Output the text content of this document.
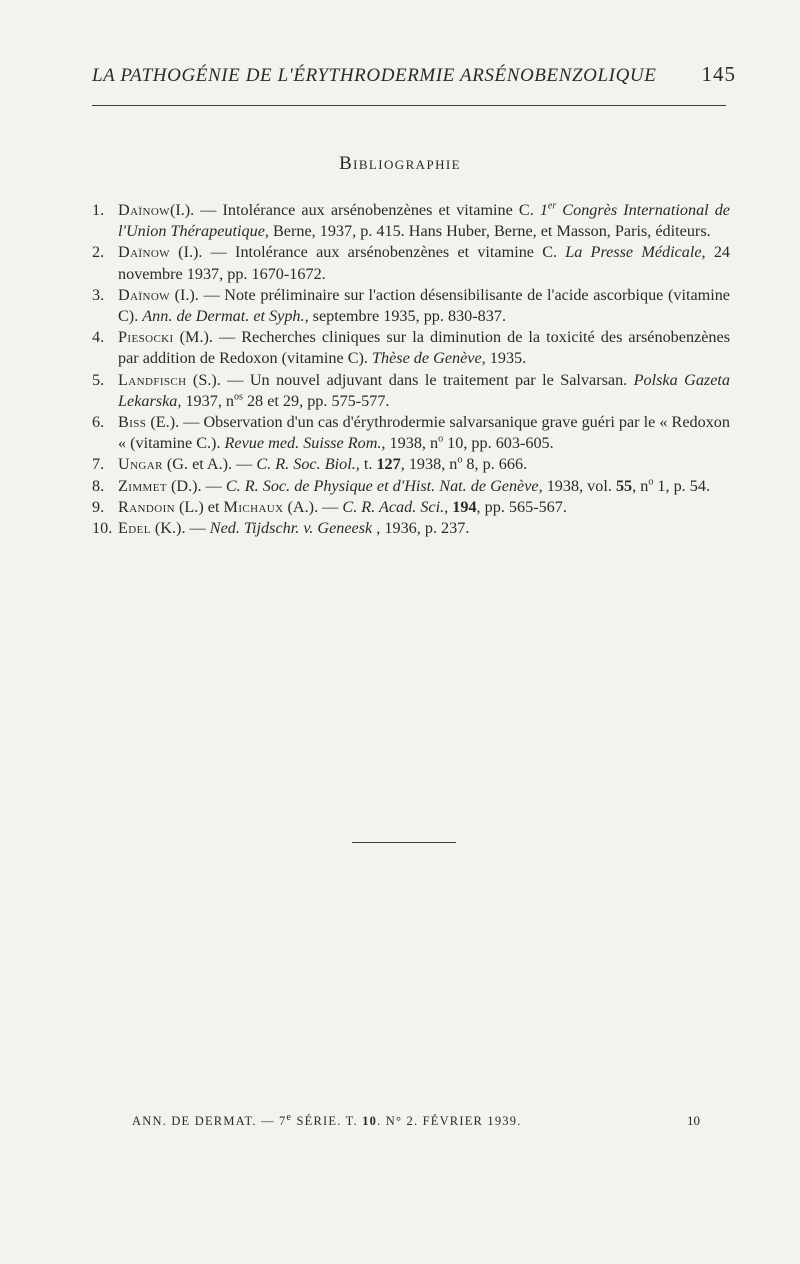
LA PATHOGÉNIE DE L'ÉRYTHRODERMIE ARSÉNOBENZOLIQUE 145
Bibliographie

1. Daïnow(I.). — Intolérance aux arsénobenzènes et vitamine C. 1er Congrès International de l'Union Thérapeutique, Berne, 1937, p. 415. Hans Huber, Berne, et Masson, Paris, éditeurs.

2. Daïnow (I.). — Intolérance aux arsénobenzènes et vitamine C. La Presse Médicale, 24 novembre 1937, pp. 1670-1672.

3. Daïnow (I.). — Note préliminaire sur l'action désensibilisante de l'acide ascorbique (vitamine C). Ann. de Dermat. et Syph., septembre 1935, pp. 830-837.

4. Piesocki (M.). — Recherches cliniques sur la diminution de la toxicité des arsénobenzènes par addition de Redoxon (vitamine C). Thèse de Genève, 1935.

5. Landfisch (S.). — Un nouvel adjuvant dans le traitement par le Salvarsan. Polska Gazeta Lekarska, 1937, $n^{os}$ 28 et 29, pp. 575-577.

6. Biss (E.). — Observation d'un cas d'érythrodermie salvarsanique grave guéri par le « Redoxon « (vitamine C.). Revue med. Suisse Rom., 1938, $n^o$ 10, pp. 603-605.

7. Ungar (G. et A.). — C. R. Soc. Biol., t. 127, 1938, $n^o$ 8, p. 666.

8. Zimmet (D.). — C. R. Soc. de Physique et d'Hist. Nat. de Genève, 1938, vol. 55, $n^o$ 1, p. 54.

9. Randoin (L.) et Michaux (A.). — C. R. Acad. Sci., 194, pp. 565-567.

10. Edel (K.). — Ned. Tijdschr. v. Geneesk , 1936, p. 237.

ANN. DE DERMAT. — 7e SÉRIE. T. 10. N° 2. FÉVRIER 1939.	10
